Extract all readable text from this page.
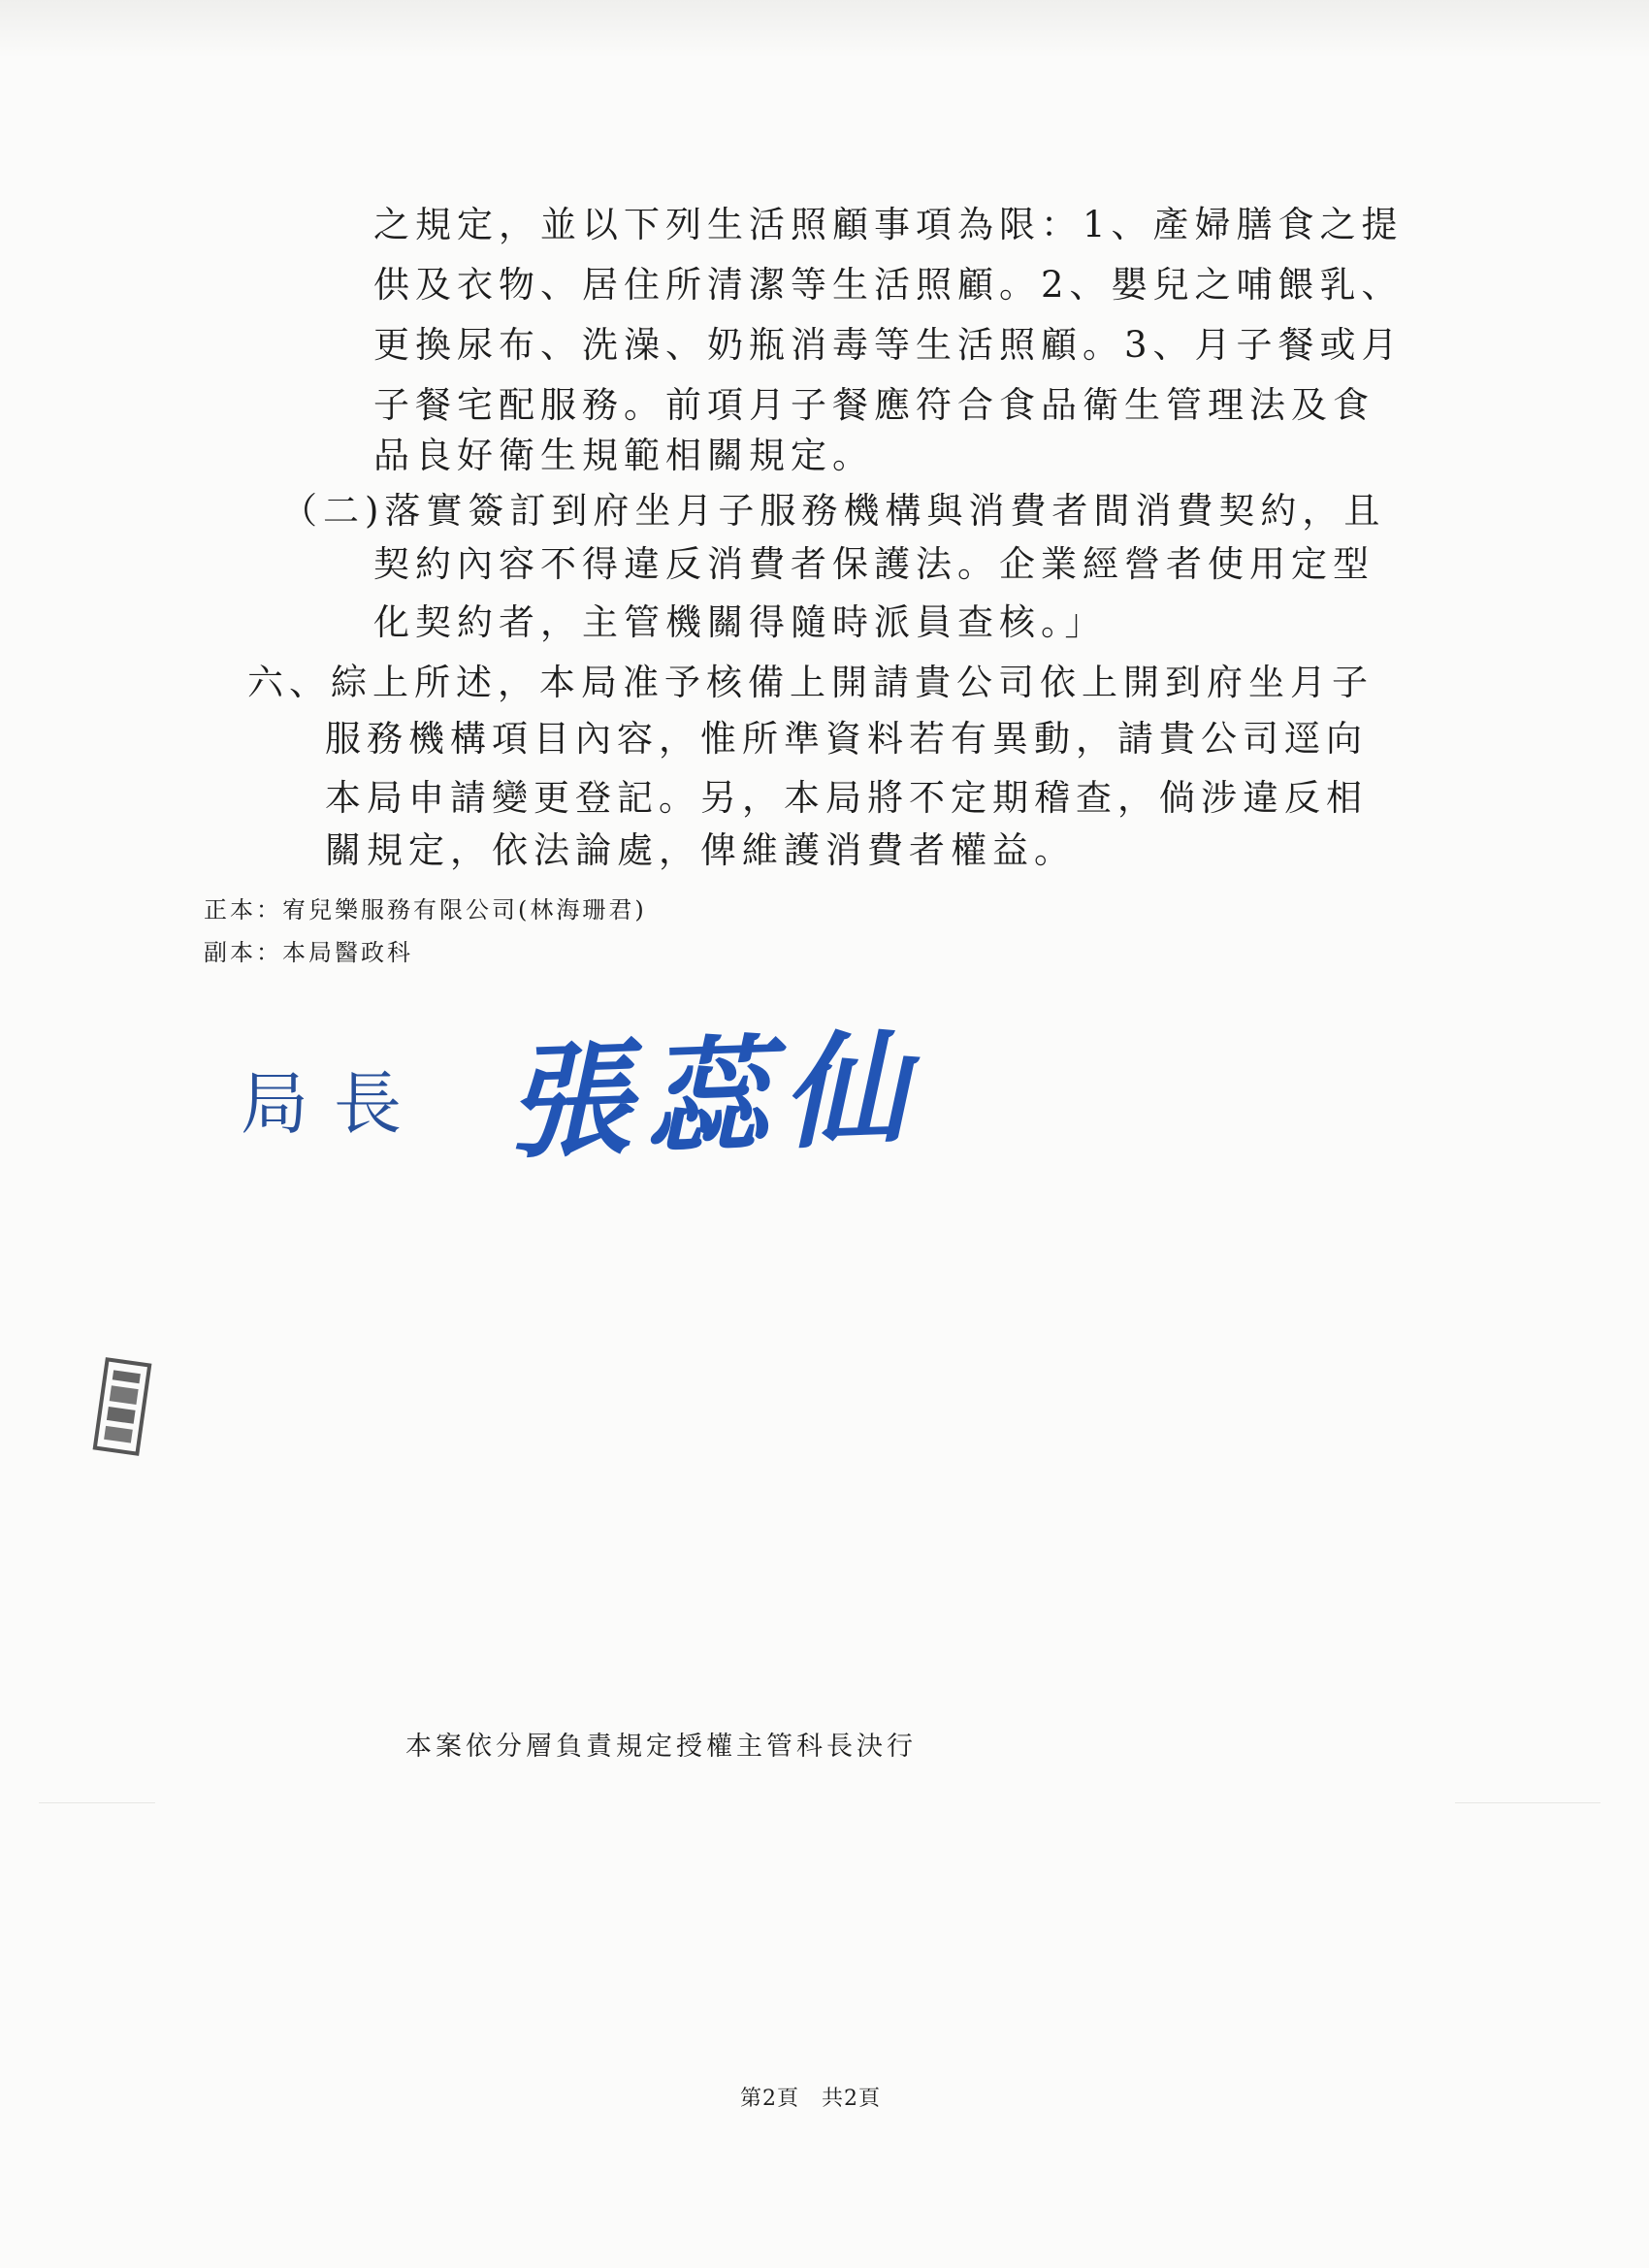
之規定，並以下列生活照顧事項為限：1、產婦膳食之提
供及衣物、居住所清潔等生活照顧。2、嬰兒之哺餵乳、
更換尿布、洗澡、奶瓶消毒等生活照顧。3、月子餐或月
子餐宅配服務。前項月子餐應符合食品衛生管理法及食
品良好衛生規範相關規定。
（二)落實簽訂到府坐月子服務機構與消費者間消費契約，且
契約內容不得違反消費者保護法。企業經營者使用定型
化契約者，主管機關得隨時派員查核。」
六、綜上所述，本局准予核備上開請貴公司依上開到府坐月子
服務機構項目內容，惟所準資料若有異動，請貴公司逕向
本局申請變更登記。另，本局將不定期稽查，倘涉違反相
關規定，依法論處，俾維護消費者權益。
正本：宥兒樂服務有限公司(林海珊君)
副本：本局醫政科
局長 張蕊仙
本案依分層負責規定授權主管科長決行
第2頁　共2頁
